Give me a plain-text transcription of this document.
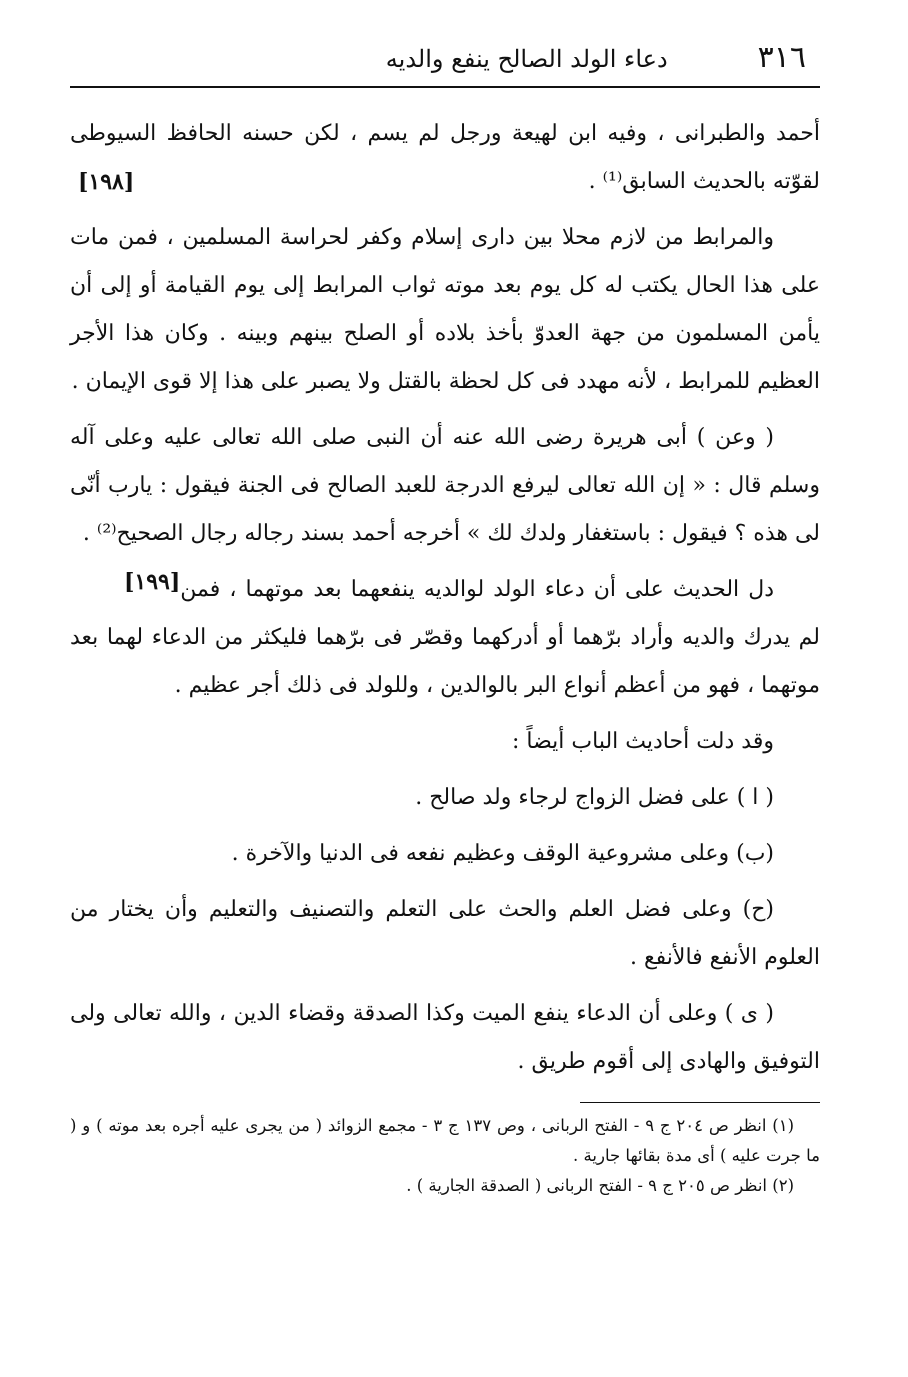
٣١٦
دعاء الولد الصالح ينفع والديه

أحمد والطبرانى ، وفيه ابن لهيعة ورجل لم يسم ، لكن حسنه الحافظ السيوطى لقوّته بالحديث السابق⁽¹⁾ .
[١٩٨]

والمرابط من لازم محلا بين دارى إسلام وكفر لحراسة المسلمين ، فمن مات على هذا الحال يكتب له كل يوم بعد موته ثواب المرابط إلى يوم القيامة أو إلى أن يأمن المسلمون من جهة العدوّ بأخذ بلاده أو الصلح بينهم وبينه . وكان هذا الأجر العظيم للمرابط ، لأنه مهدد فى كل لحظة بالقتل ولا يصبر على هذا إلا قوى الإيمان .

( وعن ) أبى هريرة رضى الله عنه أن النبى صلى الله تعالى عليه وعلى آله وسلم قال : « إن الله تعالى ليرفع الدرجة للعبد الصالح فى الجنة فيقول : يارب أنّى لى هذه ؟ فيقول : باستغفار ولدك لك » أخرجه أحمد بسند رجاله رجال الصحيح⁽²⁾ .
[١٩٩] دل الحديث على أن دعاء الولد لوالديه ينفعهما بعد موتهما ، فمن لم يدرك والديه وأراد برّهما أو أدركهما وقصّر فى برّهما فليكثر من الدعاء لهما بعد موتهما ، فهو من أعظم أنواع البر بالوالدين ، وللولد فى ذلك أجر عظيم .

وقد دلت أحاديث الباب أيضاً :

( ا ) على فضل الزواج لرجاء ولد صالح .

(ب) وعلى مشروعية الوقف وعظيم نفعه فى الدنيا والآخرة .

(ح) وعلى فضل العلم والحث على التعلم والتصنيف والتعليم وأن يختار من العلوم الأنفع فالأنفع .

( ى ) وعلى أن الدعاء ينفع الميت وكذا الصدقة وقضاء الدين ، والله تعالى ولى التوفيق والهادى إلى أقوم طريق .

(١) انظر ص ٢٠٤ ج ٩ - الفتح الربانى ، وص ١٣٧ ج ٣ - مجمع الزوائد ( من يجرى عليه أجره بعد موته ) و ( ما جرت عليه ) أى مدة بقائها جارية .

(٢) انظر ص ٢٠٥ ج ٩ - الفتح الربانى ( الصدقة الجارية ) .
